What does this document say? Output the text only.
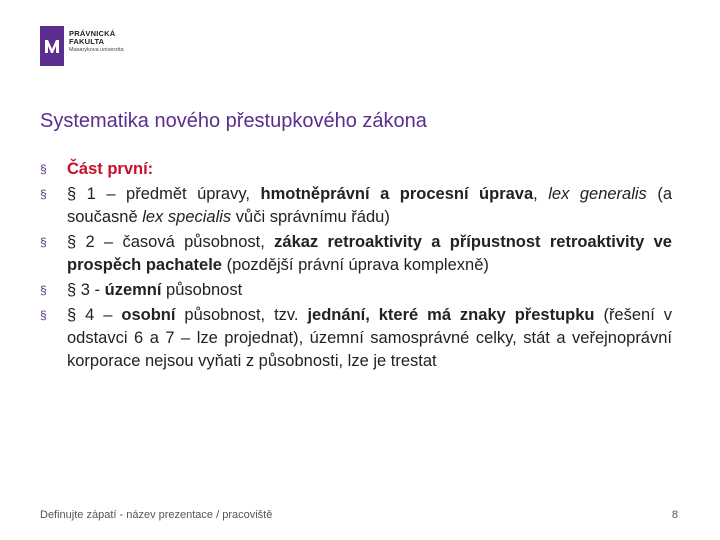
PRÁVNICKÁ
FAKULTA
Masarykova univerzita
Systematika nového přestupkového zákona
§ Část první:
§ § 1 – předmět úpravy, hmotněprávní a procesní úprava, lex generalis (a současně lex specialis vůči správnímu řádu)
§ § 2 – časová působnost, zákaz retroaktivity a přípustnost retroaktivity ve prospěch pachatele (pozdější právní úprava komplexně)
§ § 3 - územní působnost
§ § 4 – osobní působnost, tzv. jednání, které má znaky přestupku (řešení v odstavci 6 a 7 – lze projednat), územní samosprávné celky, stát a veřejnoprávní korporace nejsou vyňati z působnosti, lze je trestat
Definujte zápatí - název prezentace / pracoviště	8
